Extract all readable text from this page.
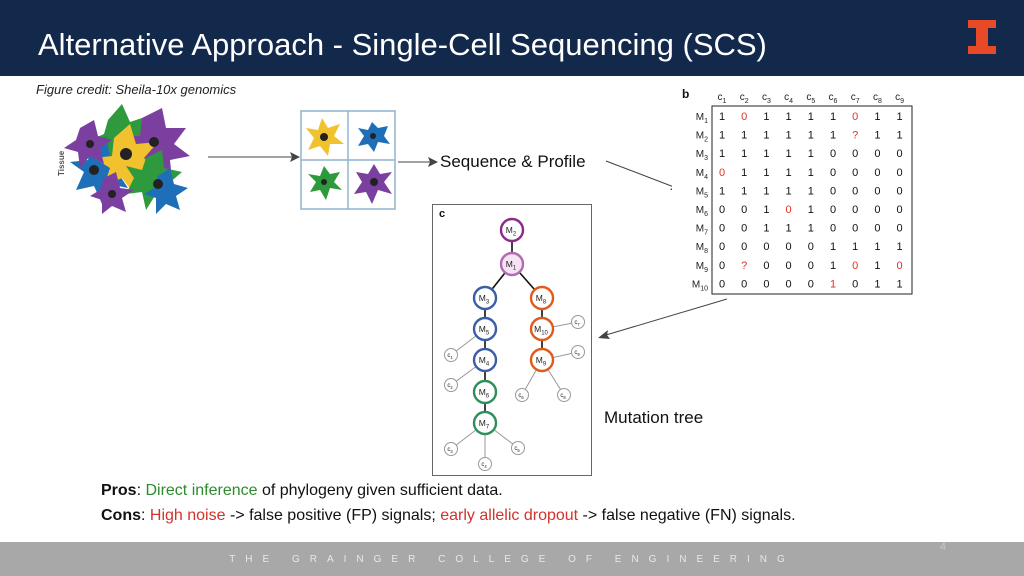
Alternative Approach - Single-Cell Sequencing (SCS)
Figure credit: Sheila-10x genomics
Tissue	Sequence & Profile
b	$c_1$ $c_2$ $c_3$ $c_4$ $c_5$ $c_6$ $c_7$ $c_8$ $c_9$
$M_1$ 1 0 1 1 1 1 0 1 1
$M_2$ 1 1 1 1 1 1 ? 1 1
$M_3$ 1 1 1 1 1 0 0 0 0
$M_4$ 0 1 1 1 1 0 0 0 0
$M_5$ 1 1 1 1 1 0 0 0 0
$M_6$ 0 0 1 0 1 0 0 0 0
$M_7$ 0 0 1 1 1 0 0 0 0
$M_8$ 0 0 0 0 0 1 1 1 1
$M_9$ 0 ? 0 0 0 1 0 1 0
$M_{10}$ 0 0 0 0 0 1 0 1 1
c
$M_2$
$M_1$
$M_3$	$M_8$
$M_5$	$M_{10}$
$M_4$	$M_9$
$M_6$
$M_7$
$c_7$
$c_9$
$c_1$
$c_2$
$c_6$	$c_8$
$c_3$	$c_5$
$c_4$
Mutation tree
Pros: Direct inference of phylogeny given sufficient data.
Cons: High noise -> false positive (FP) signals; early allelic dropout -> false negative (FN) signals.
THE GRAINGER COLLEGE OF ENGINEERING
4
